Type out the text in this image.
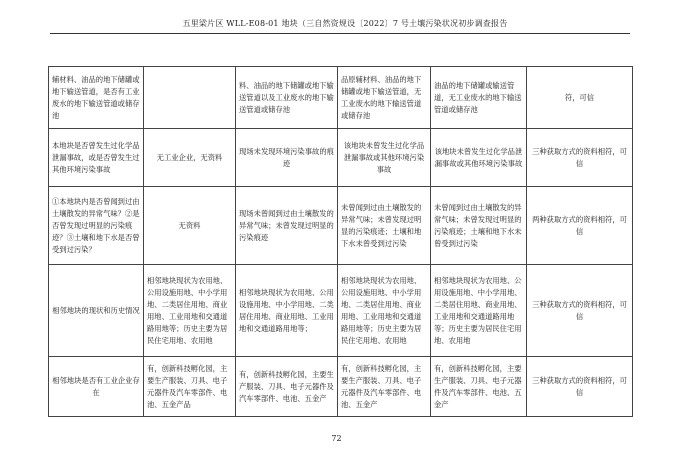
五里梁片区 WLL-E08-01 地块（三自然资规设〔2022〕7 号土壤污染状况初步调查报告
辅材料、油品的地下储罐或地下输送管道，是否有工业废水的地下输送管道或储存池		料、油品的地下储罐或地下输送管道以及工业废水的地下输送管道或储存池	品原辅材料、油品的地下储罐或地下输送管道，无工业废水的地下输送管道或储存池	油品的地下储罐或输送管道，无工业废水的地下输送管道或储存池	符，可信
本地块是否曾发生过化学品泄漏事故，或是否曾发生过其他环境污染事故	无工业企业，无资料	现场未发现环境污染事故的痕迹	该地块未曾发生过化学品泄漏事故或其他环境污染事故	该地块未曾发生过化学品泄漏事故或其他环境污染事故	三种获取方式的资料相符，可信
①本地块内是否曾闻到过由土壤散发的异常气味？②是否曾发现过明显的污染痕迹？③土壤和地下水是否曾受到过污染？	无资料	现场未曾闻到过由土壤散发的异常气味；未曾发现过明显的污染痕迹	未曾闻到过由土壤散发的异常气味；未曾发现过明显的污染痕迹；土壤和地下水未曾受到过污染	未曾闻到过由土壤散发的异常气味；未曾发现过明显的污染痕迹；土壤和地下水未曾受到过污染	两种获取方式的资料相符，可信
相邻地块的现状和历史情况	相邻地块现状为农用地、公用设施用地、中小学用地、二类居住用地、商业用地、工业用地和交通道路用地等；历史主要为居民住宅用地、农用地	相邻地块现状为农用地、公用设施用地、中小学用地、二类居住用地、商业用地、工业用地和交通道路用地等；	相邻地块现状为农用地、公用设施用地、中小学用地、二类居住用地、商业用地、工业用地和交通道路用地等；历史主要为居民住宅用地、农用地	相邻地块现状为农用地、公用设施用地、中小学用地、二类居住用地、商业用地、工业用地和交通道路用地等；历史主要为居民住宅用地、农用地	三种获取方式的资料相符，可信
相邻地块是否有工业企业存在	有，创新科技孵化园，主要生产服装、刀具、电子元器件及汽车零部件、电池、五金产品	有，创新科技孵化园，主要生产服装、刀具、电子元器件及汽车零部件、电池、五金产	有，创新科技孵化园，主要生产服装、刀具、电子元器件及汽车零部件、电池、五金产	有，创新科技孵化园，主要生产服装、刀具、电子元器件及汽车零部件、电池、五金产	三种获取方式的资料相符，可信
72
